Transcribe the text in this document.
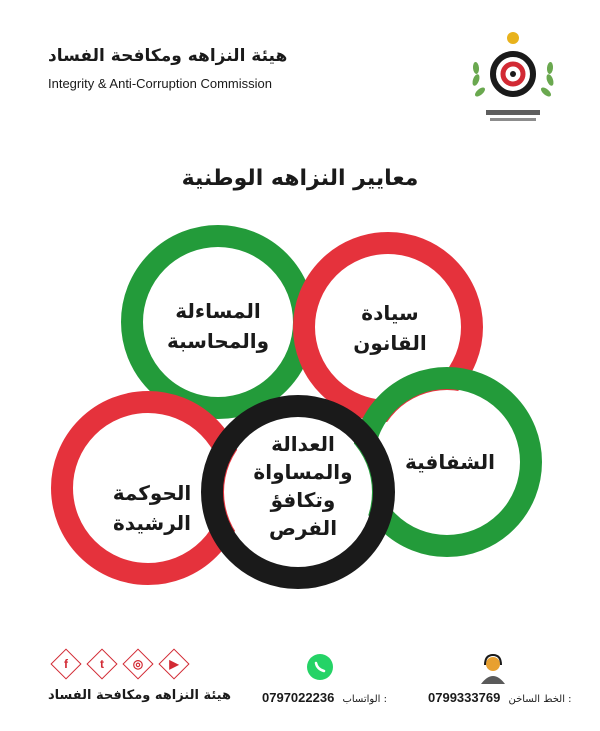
هيئة النزاهه ومكافحة الفساد
Integrity & Anti-Corruption Commission
معايير النزاهه الوطنية
المساءلة
والمحاسبة
سيادة
القانون
الشفافية
الحوكمة
الرشيدة
العدالة
والمساواة
وتكافؤ
الفرص
f	t	◎	▶
هيئة النزاهه ومكافحة الفساد 0797022236 الواتساب :	0799333769 الخط الساخن :
